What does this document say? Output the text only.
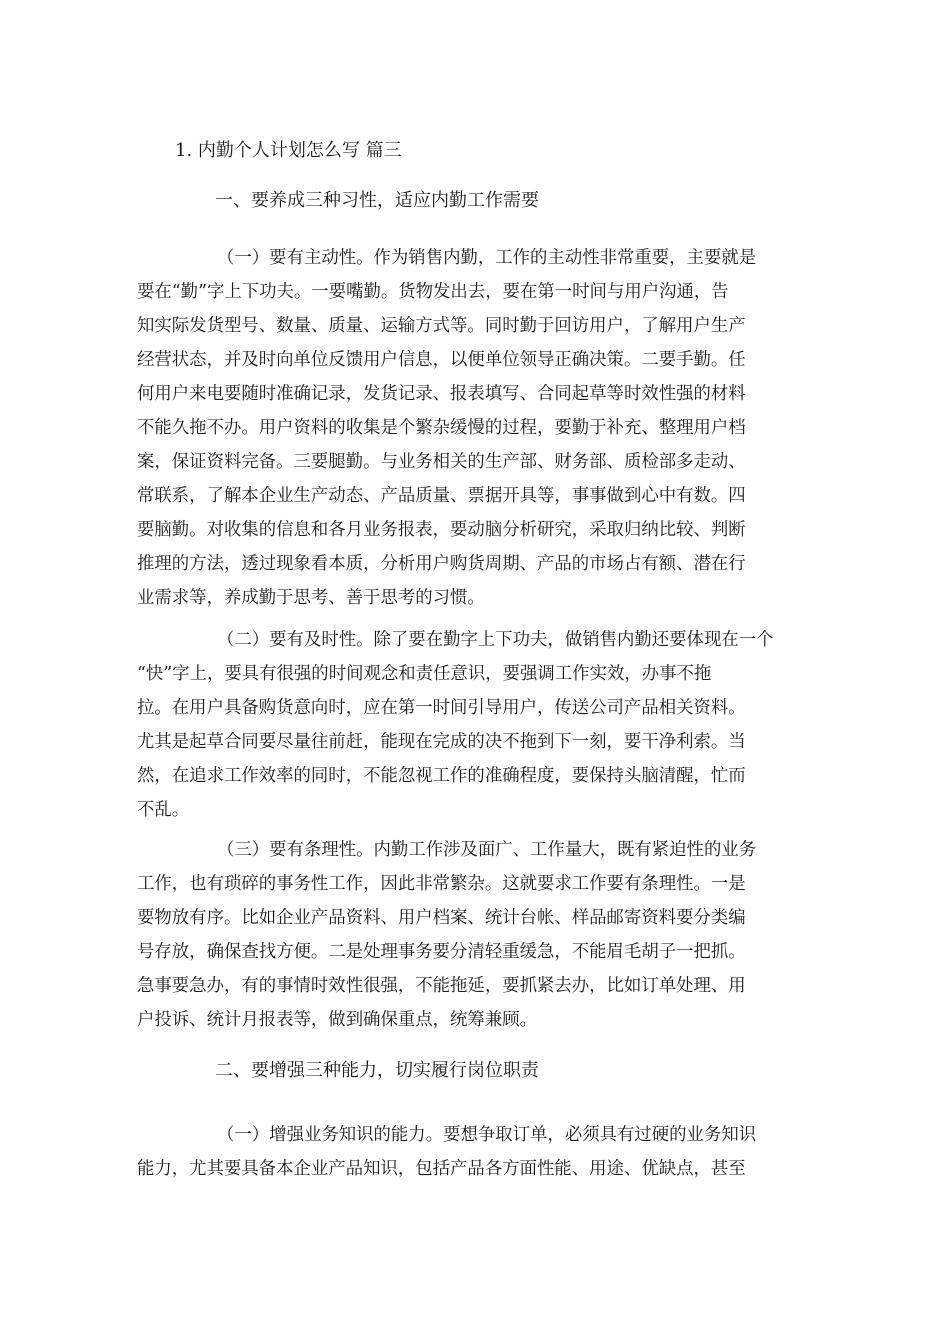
1. 内勤个人计划怎么写 篇三
一、要养成三种习性，适应内勤工作需要
（一）要有主动性。作为销售内勤，工作的主动性非常重要，主要就是
要在“勤”字上下功夫。一要嘴勤。货物发出去，要在第一时间与用户沟通，告
知实际发货型号、数量、质量、运输方式等。同时勤于回访用户，了解用户生产
经营状态，并及时向单位反馈用户信息，以便单位领导正确决策。二要手勤。任
何用户来电要随时准确记录，发货记录、报表填写、合同起草等时效性强的材料
不能久拖不办。用户资料的收集是个繁杂缓慢的过程，要勤于补充、整理用户档
案，保证资料完备。三要腿勤。与业务相关的生产部、财务部、质检部多走动、
常联系，了解本企业生产动态、产品质量、票据开具等，事事做到心中有数。四
要脑勤。对收集的信息和各月业务报表，要动脑分析研究，采取归纳比较、判断
推理的方法，透过现象看本质，分析用户购货周期、产品的市场占有额、潜在行
业需求等，养成勤于思考、善于思考的习惯。
（二）要有及时性。除了要在勤字上下功夫，做销售内勤还要体现在一个
“快”字上，要具有很强的时间观念和责任意识，要强调工作实效，办事不拖
拉。在用户具备购货意向时，应在第一时间引导用户，传送公司产品相关资料。
尤其是起草合同要尽量往前赶，能现在完成的决不拖到下一刻，要干净利索。当
然，在追求工作效率的同时，不能忽视工作的准确程度，要保持头脑清醒，忙而
不乱。
（三）要有条理性。内勤工作涉及面广、工作量大，既有紧迫性的业务
工作，也有琐碎的事务性工作，因此非常繁杂。这就要求工作要有条理性。一是
要物放有序。比如企业产品资料、用户档案、统计台帐、样品邮寄资料要分类编
号存放，确保查找方便。二是处理事务要分清轻重缓急，不能眉毛胡子一把抓。
急事要急办，有的事情时效性很强，不能拖延，要抓紧去办，比如订单处理、用
户投诉、统计月报表等，做到确保重点，统筹兼顾。
二、要增强三种能力，切实履行岗位职责
（一）增强业务知识的能力。要想争取订单，必须具有过硬的业务知识
能力，尤其要具备本企业产品知识，包括产品各方面性能、用途、优缺点，甚至
